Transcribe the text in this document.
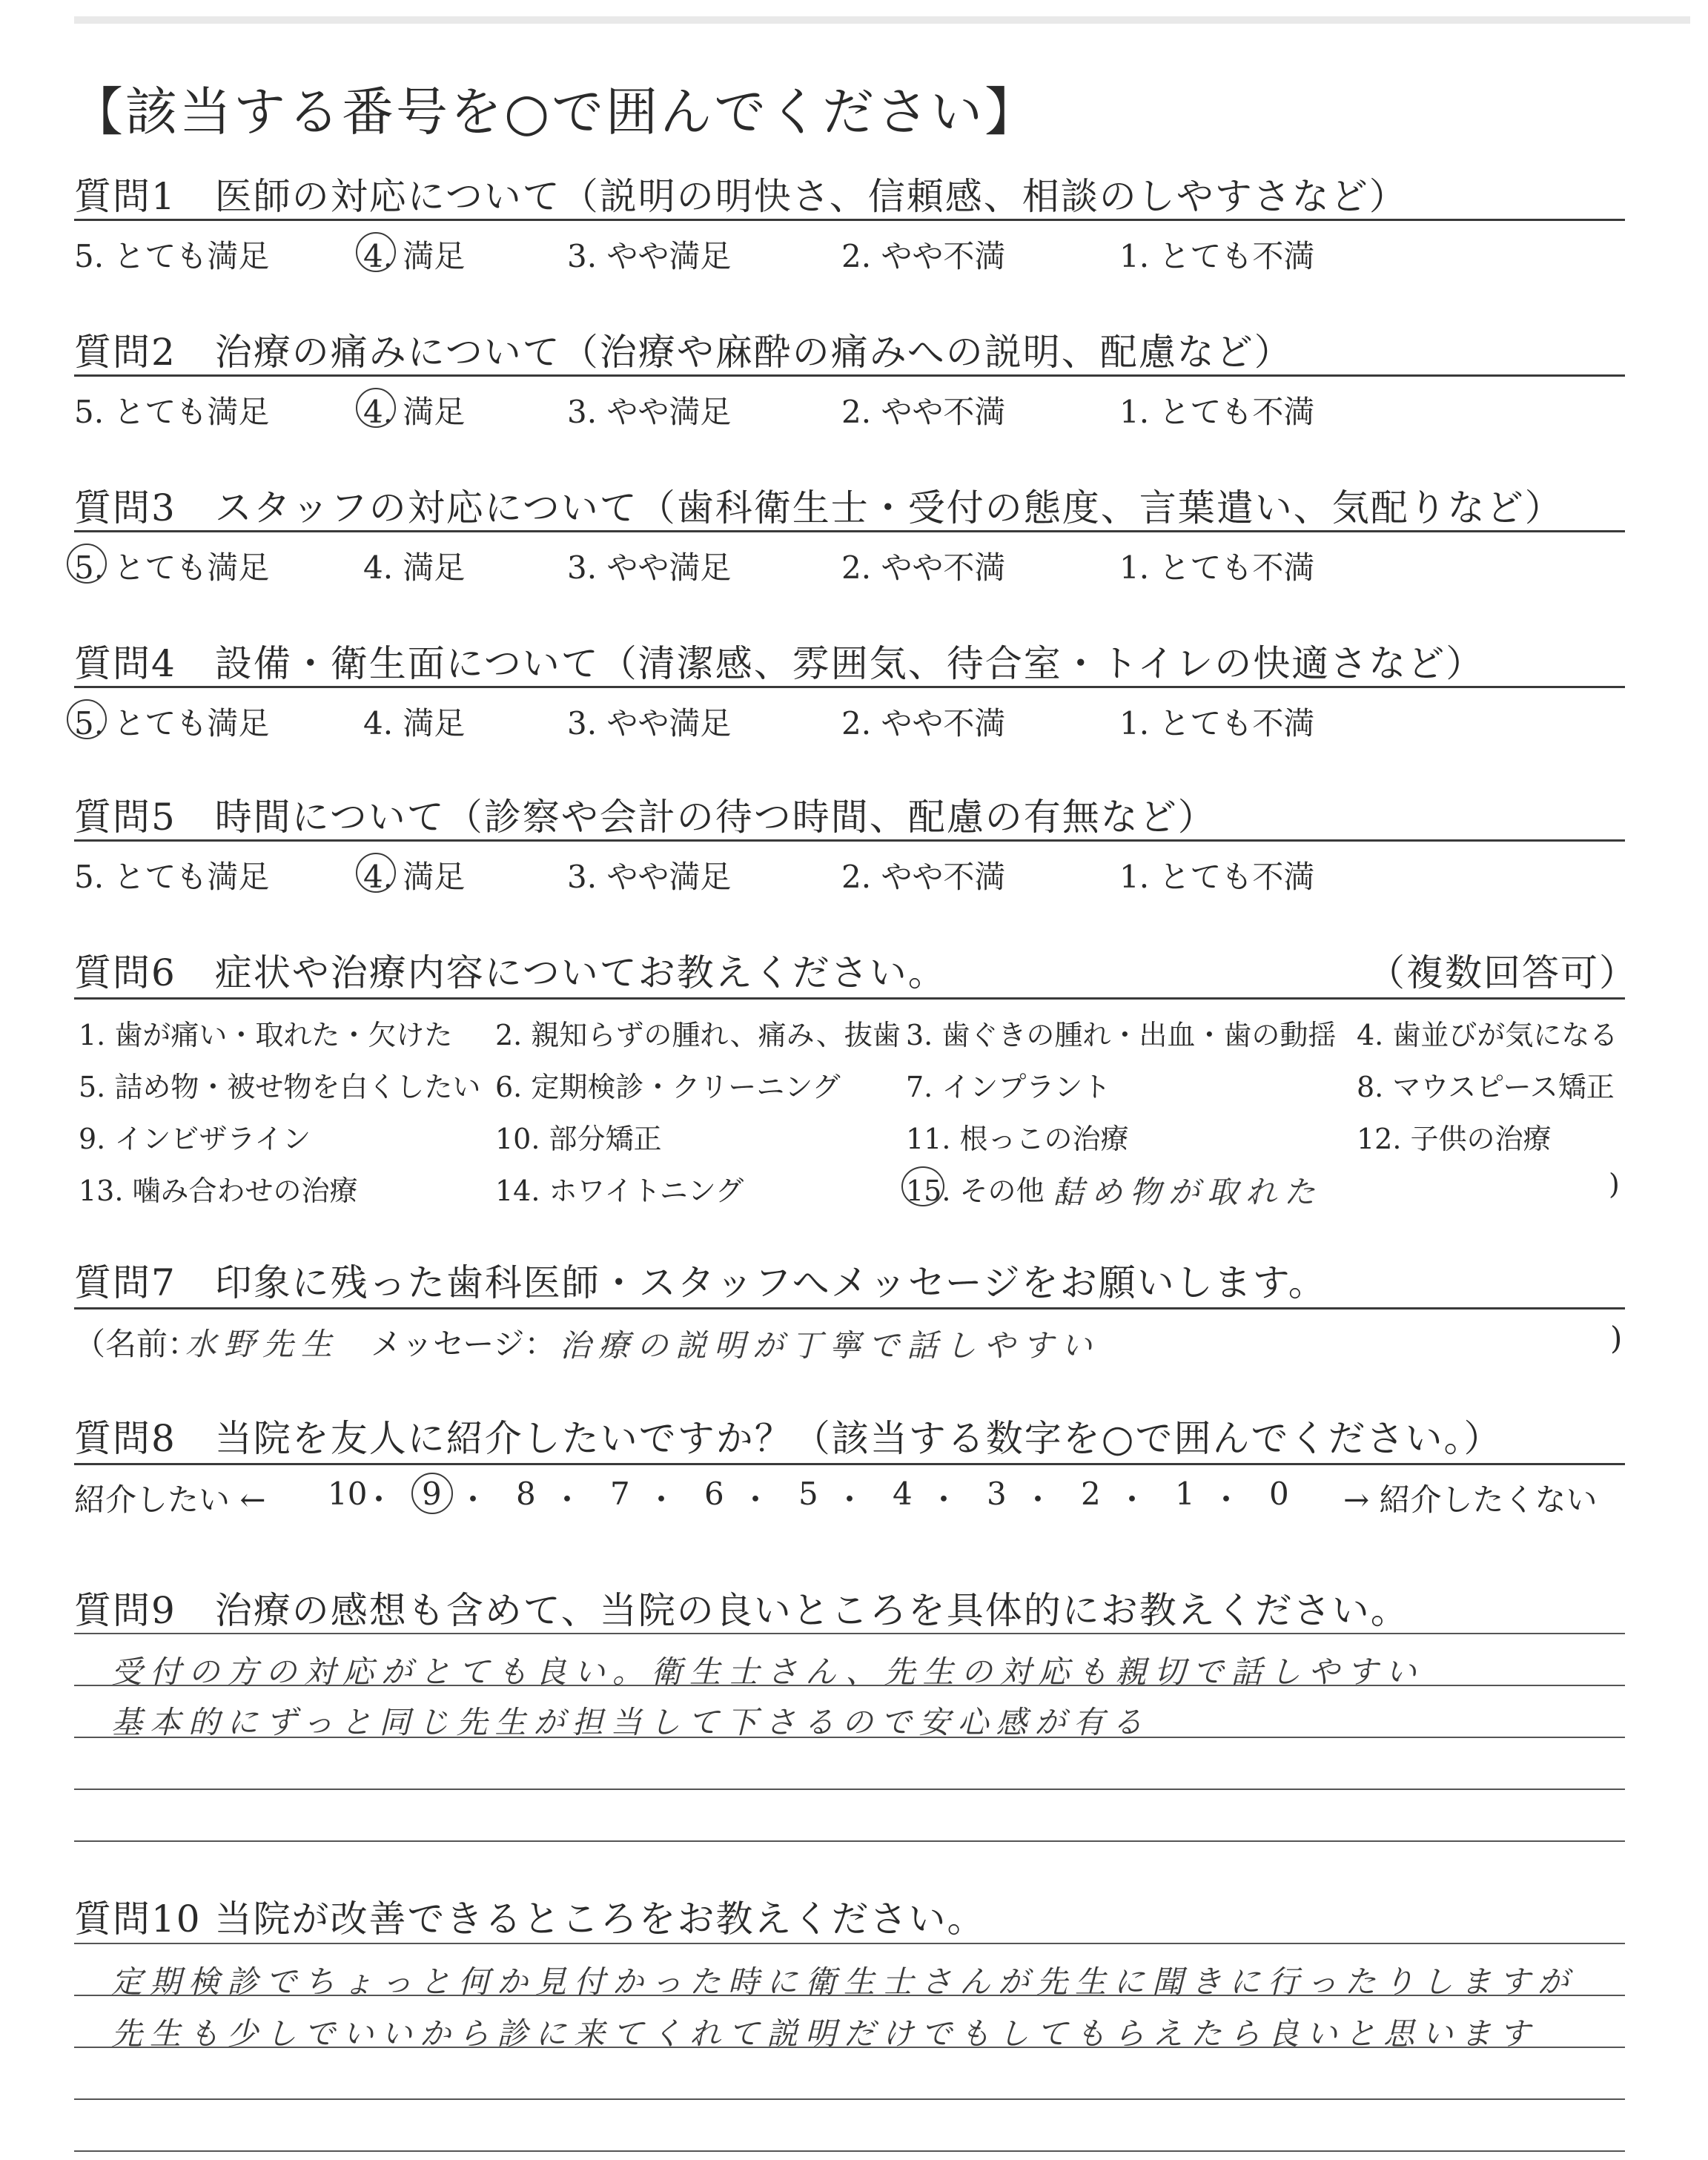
【該当する番号を○で囲んでください】
質問1　医師の対応について（説明の明快さ、信頼感、相談のしやすさなど）
5. とても満足	4. 満足	3. やや満足	2. やや不満	1. とても不満
質問2　治療の痛みについて（治療や麻酔の痛みへの説明、配慮など）
5. とても満足	4. 満足	3. やや満足	2. やや不満	1. とても不満
質問3　スタッフの対応について（歯科衛生士・受付の態度、言葉遣い、気配りなど）
5. とても満足	4. 満足	3. やや満足	2. やや不満	1. とても不満
質問4　設備・衛生面について（清潔感、雰囲気、待合室・トイレの快適さなど）
5. とても満足	4. 満足	3. やや満足	2. やや不満	1. とても不満
質問5　時間について（診察や会計の待つ時間、配慮の有無など）
5. とても満足	4. 満足	3. やや満足	2. やや不満	1. とても不満
質問6　症状や治療内容についてお教えください。	（複数回答可）
1. 歯が痛い・取れた・欠けた 2. 親知らずの腫れ、痛み、抜歯 3. 歯ぐきの腫れ・出血・歯の動揺 4. 歯並びが気になる
5. 詰め物・被せ物を白くしたい 6. 定期検診・クリーニング 7. インプラント	8. マウスピース矯正
9. インビザライン	10. 部分矯正	11. 根っこの治療	12. 子供の治療
13. 噛み合わせの治療	14. ホワイトニング	15. その他（	)
詰め物が取れた
質問7　印象に残った歯科医師・スタッフへメッセージをお願いします。
（名前：
水野先生 メッセージ： 治療の説明が丁寧で話しやすい	)
質問8　当院を友人に紹介したいですか？（該当する数字を○で囲んでください。）
紹介したい ←	→ 紹介したくない
10
・ 9 ・ 8 ・ 7 ・ 6 ・ 5 ・ 4 ・ 3 ・ 2 ・ 1 ・ 0
質問9　治療の感想も含めて、当院の良いところを具体的にお教えください。
受付の方の対応がとても良い。衛生士さん、先生の対応も親切で話しやすい
基本的にずっと同じ先生が担当して下さるので安心感が有る
質問10 当院が改善できるところをお教えください。
定期検診でちょっと何か見付かった時に衛生士さんが先生に聞きに行ったりしますが
先生も少しでいいから診に来てくれて説明だけでもしてもらえたら良いと思います
